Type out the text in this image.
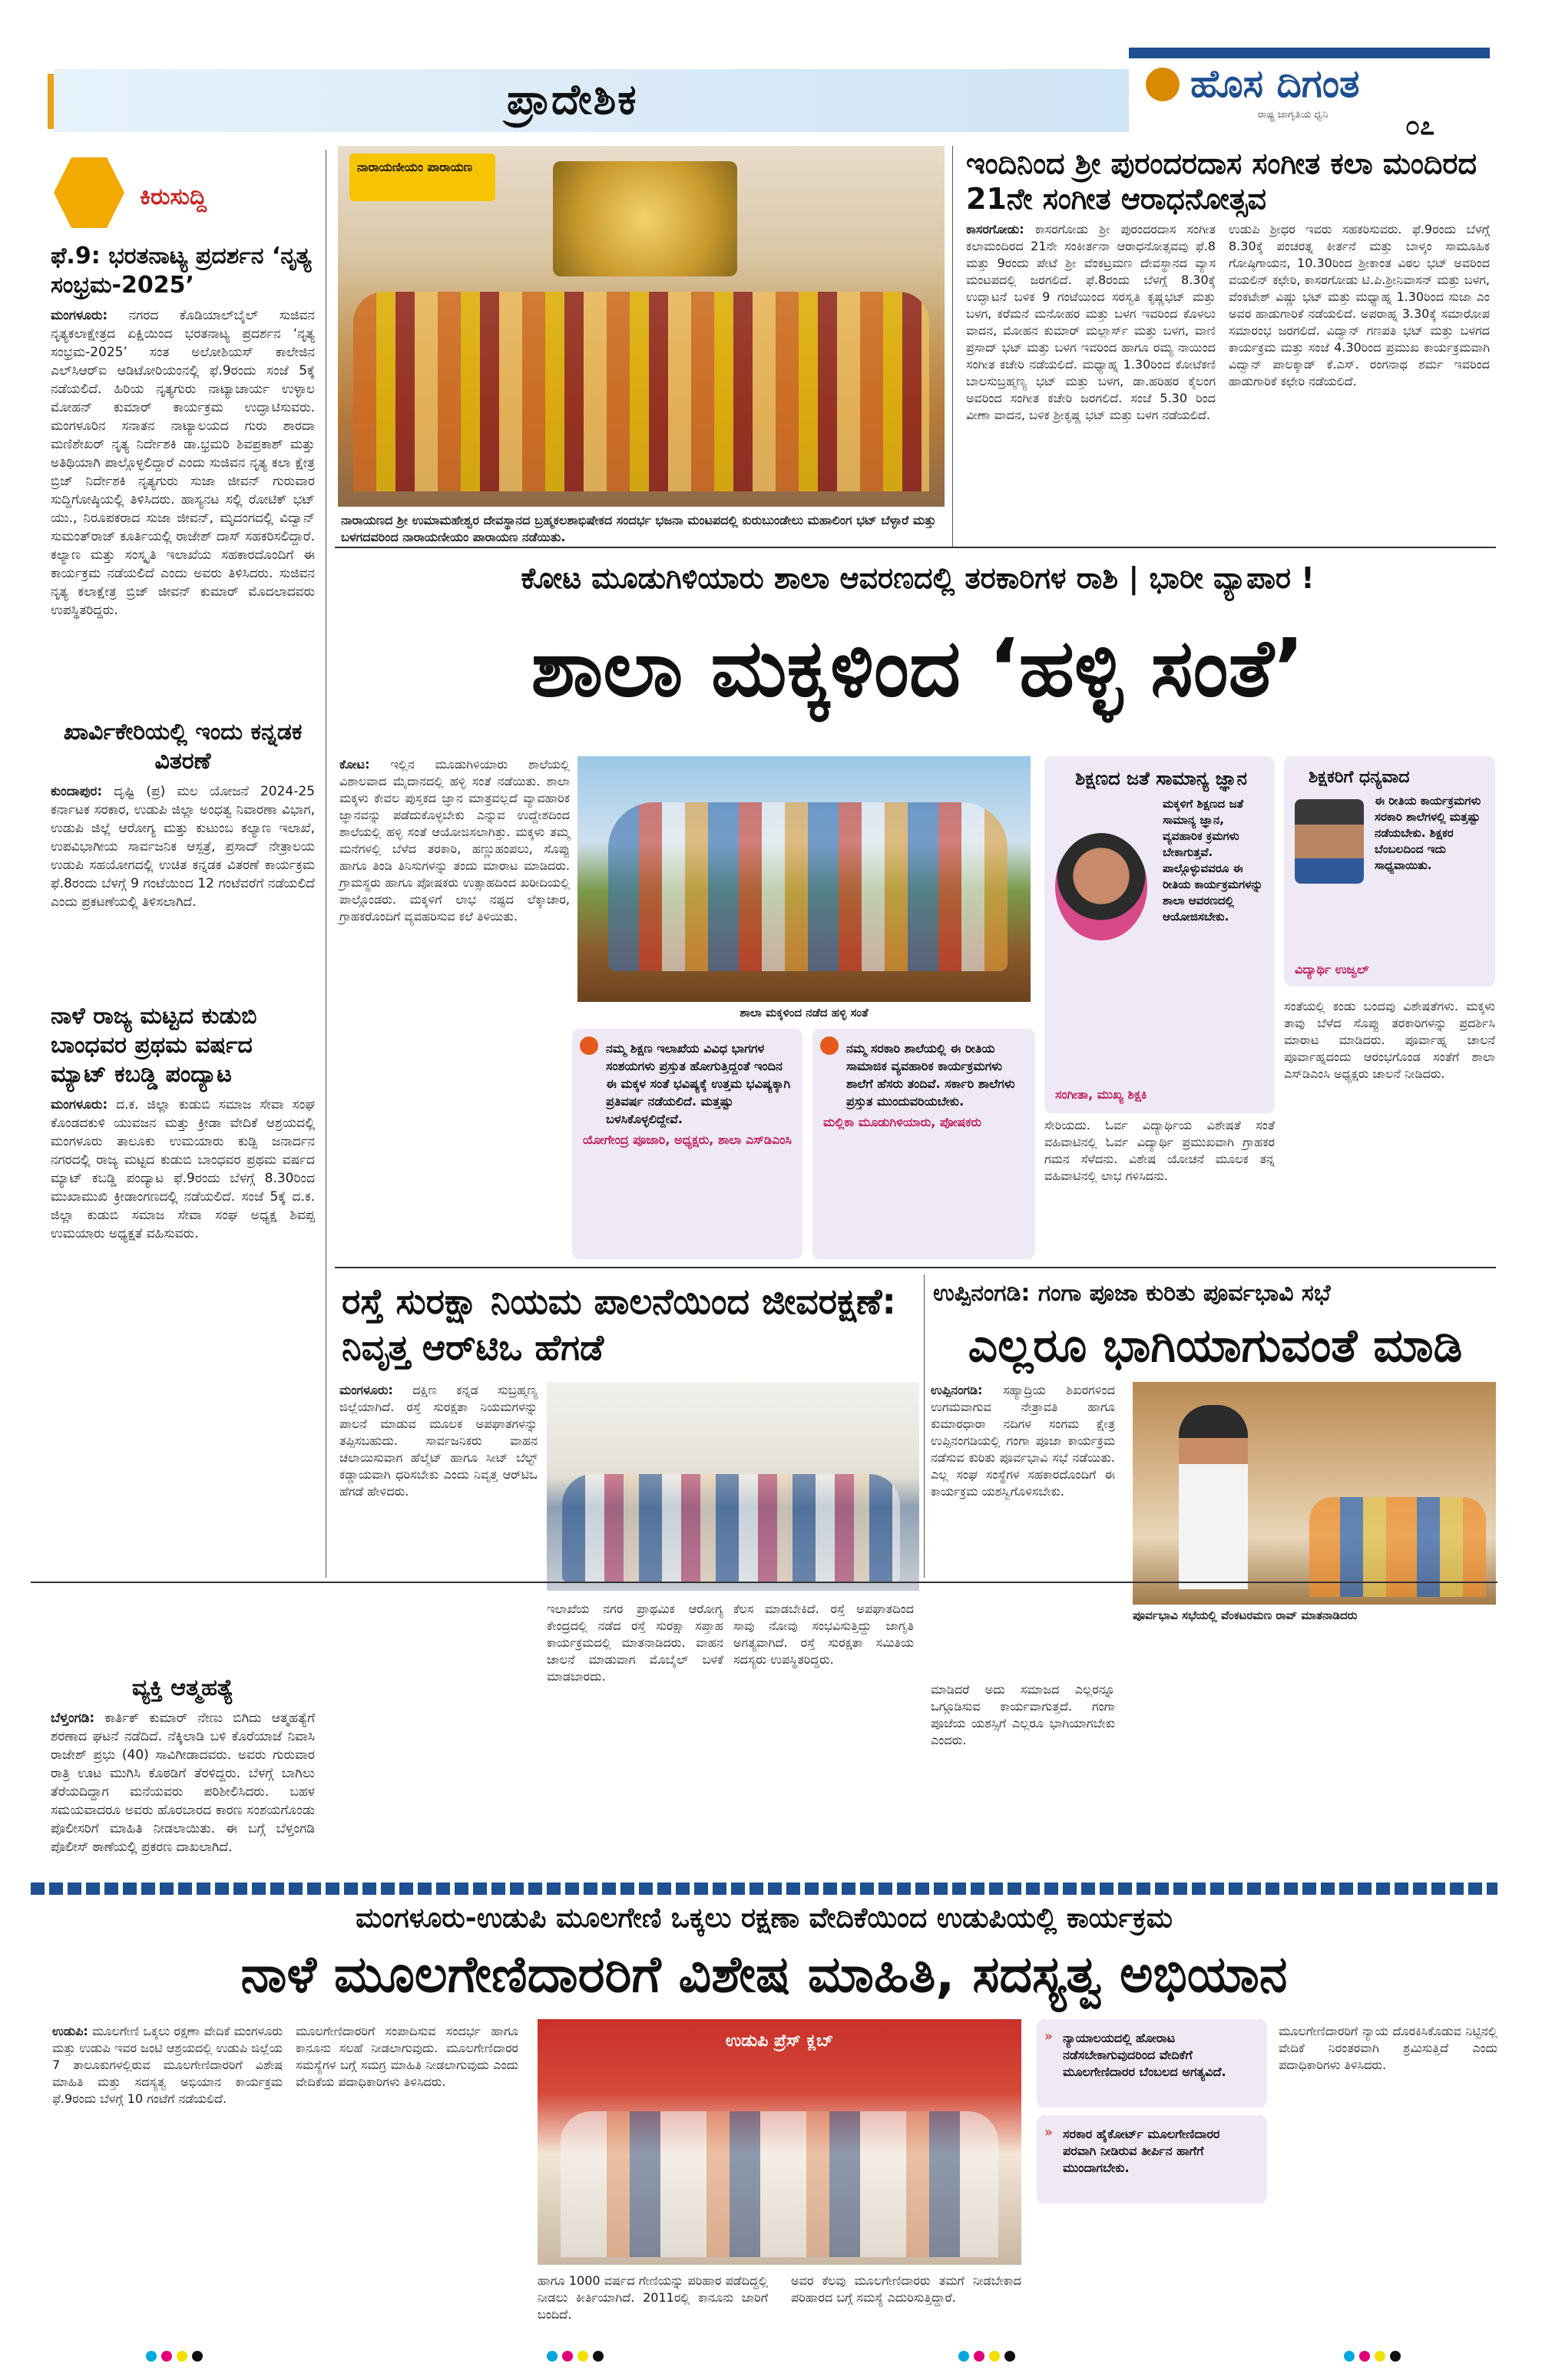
ಪ್ರಾದೇಶಿಕ	ಹೊಸ ದಿಗಂತ
ರಾಷ್ಟ್ರ ಜಾಗೃತಿಯ ಧ್ವನಿ	೦೭
ಕಿರುಸುದ್ದಿ
ಫೆ.9: ಭರತನಾಟ್ಯ ಪ್ರದರ್ಶನ ‘ನೃತ್ಯ ಸಂಭ್ರಮ-2025’
ಮಂಗಳೂರು: ನಗರದ ಕೊಡಿಯಾಲ್‌ಬೈಲ್ ಸುಜಿವನ ನೃತ್ಯಕಲಾಕ್ಷೇತ್ರದ ಏಕ್ಷಿಯಿಂದ ಭರತನಾಟ್ಯ ಪ್ರದರ್ಶನ ‘ನೃತ್ಯ ಸಂಭ್ರಮ-2025’ ಸಂತ ಅಲೋಶಿಯಸ್ ಕಾಲೇಜಿನ ಎಲ್‌ಸಿಆರ್‌ಐ ಆಡಿಟೋರಿಯಂನಲ್ಲಿ ಫೆ.9ರಂದು ಸಂಜೆ 5ಕ್ಕೆ ನಡೆಯಲಿದೆ. ಹಿರಿಯ ನೃತ್ಯಗುರು ನಾಟ್ಯಾಚಾರ್ಯ ಉಳ್ಳಾಲ ಮೋಹನ್ ಕುಮಾರ್ ಕಾರ್ಯಕ್ರಮ ಉದ್ಘಾಟಿಸುವರು. ಮಂಗಳೂರಿನ ಸನಾತನ ನಾಟ್ಯಾಲಯದ ಗುರು ಶಾರದಾ ಮಣಿಶೇಖರ್ ನೃತ್ಯ ನಿರ್ದೇಶಕಿ ಡಾ.ಭ್ರಮರಿ ಶಿವಪ್ರಕಾಶ್ ಮತ್ತು ಅತಿಥಿಯಾಗಿ ಪಾಲ್ಗೊಳ್ಳಲಿದ್ದಾರೆ ಎಂದು ಸುಜಿವನ ನೃತ್ಯ ಕಲಾ ಕ್ಷೇತ್ರ ಬ್ರಿಜ್ ನಿರ್ದೇಶಕಿ ನೃತ್ಯಗುರು ಸುಜಾ ಜೀವನ್ ಗುರುವಾರ ಸುದ್ದಿಗೋಷ್ಠಿಯಲ್ಲಿ ತಿಳಿಸಿದರು. ಹಾಸ್ಯನಟ ಸಲ್ಲಿ ರೋಟಿಕ್ ಭಟ್ ಯು., ನಿರೂಪಕರಾದ ಸುಜಾ ಜೀವನ್, ಮೃದಂಗದಲ್ಲಿ ವಿದ್ವಾನ್ ಸುಮಂತ್‌ರಾಜ್ ಕೂರ್ತಿಯಲ್ಲಿ ರಾಜೇಶ್ ದಾಸ್ ಸಹಕರಿಸಲಿದ್ದಾರೆ. ಕಲ್ಯಾಣ ಮತ್ತು ಸಂಸ್ಕೃತಿ ಇಲಾಖೆಯ ಸಹಕಾರದೊಂದಿಗೆ ಈ ಕಾರ್ಯಕ್ರಮ ನಡೆಯಲಿದೆ ಎಂದು ಅವರು ತಿಳಿಸಿದರು. ಸುಜಿವನ ನೃತ್ಯ ಕಲಾಕ್ಷೇತ್ರ ಬ್ರಿಜ್ ಜೀವನ್ ಕುಮಾರ್ ಮೊದಲಾದವರು ಉಪಸ್ಥಿತರಿದ್ದರು.
ಖಾರ್ವಿಕೇರಿಯಲ್ಲಿ ಇಂದು ಕನ್ನಡಕ ವಿತರಣೆ
ಕುಂದಾಪುರ: ದೃಷ್ಟಿ (ಪ್ರ) ಮಲ ಯೋಜನೆ 2024-25 ಕರ್ನಾಟಕ ಸರಕಾರ, ಉಡುಪಿ ಜಿಲ್ಲಾ ಅಂಧತ್ವ ನಿವಾರಣಾ ವಿಭಾಗ, ಉಡುಪಿ ಜಿಲ್ಲೆ ಆರೋಗ್ಯ ಮತ್ತು ಕುಟುಂಬ ಕಲ್ಯಾಣ ಇಲಾಖೆ, ಉಪವಿಭಾಗೀಯ ಸಾರ್ವಜನಿಕ ಆಸ್ಪತ್ರೆ, ಪ್ರಸಾದ್ ನೇತ್ರಾಲಯ ಉಡುಪಿ ಸಹಯೋಗದಲ್ಲಿ ಉಚಿತ ಕನ್ನಡಕ ವಿತರಣೆ ಕಾರ್ಯಕ್ರಮ ಫೆ.8ರಂದು ಬೆಳಗ್ಗೆ 9 ಗಂಟೆಯಿಂದ 12 ಗಂಟೆವರೆಗೆ ನಡೆಯಲಿದೆ ಎಂದು ಪ್ರಕಟಣೆಯಲ್ಲಿ ತಿಳಿಸಲಾಗಿದೆ.
ನಾಳೆ ರಾಜ್ಯ ಮಟ್ಟದ ಕುಡುಬಿ ಬಾಂಧವರ ಪ್ರಥಮ ವರ್ಷದ ಮ್ಯಾಟ್ ಕಬಡ್ಡಿ ಪಂದ್ಯಾಟ
ಮಂಗಳೂರು: ದ.ಕ. ಜಿಲ್ಲಾ ಕುಡುಬಿ ಸಮಾಜ ಸೇವಾ ಸಂಘ ಕೊಂಡದಕುಳಿ ಯುವಜನ ಮತ್ತು ಕ್ರೀಡಾ ವೇದಿಕೆ ಆಶ್ರಯದಲ್ಲಿ ಮಂಗಳೂರು ತಾಲೂಕು ಉಮಯಾರು ಕುಡ್ಪಿ ಜನಾರ್ದನ ನಗರದಲ್ಲಿ ರಾಜ್ಯ ಮಟ್ಟದ ಕುಡುಬಿ ಬಾಂಧವರ ಪ್ರಥಮ ವರ್ಷದ ಮ್ಯಾಟ್ ಕಬಡ್ಡಿ ಪಂದ್ಯಾಟ ಫೆ.9ರಂದು ಬೆಳಗ್ಗೆ 8.30ರಿಂದ ಮುಖಾಮುಖಿ ಕ್ರೀಡಾಂಗಣದಲ್ಲಿ ನಡೆಯಲಿದೆ. ಸಂಜೆ 5ಕ್ಕೆ ದ.ಕ. ಜಿಲ್ಲಾ ಕುಡುಬಿ ಸಮಾಜ ಸೇವಾ ಸಂಘ ಅಧ್ಯಕ್ಷ ಶಿವಪ್ಪ ಉಮಯಾರು ಅಧ್ಯಕ್ಷತೆ ವಹಿಸುವರು.
ವ್ಯಕ್ತಿ ಆತ್ಮಹತ್ಯೆ
ಬೆಳ್ತಂಗಡಿ: ಕಾರ್ತಿಕ್ ಕುಮಾರ್ ನೇಣು ಬಿಗಿದು ಆತ್ಮಹತ್ಯೆಗೆ ಶರಣಾದ ಘಟನೆ ನಡೆದಿದೆ. ನೆಕ್ಕಿಲಾಡಿ ಬಳಿ ಕೊರೆಯಾಜೆ ನಿವಾಸಿ ರಾಜೇಶ್ ಪ್ರಭು (40) ಸಾವಿಗೀಡಾದವರು. ಅವರು ಗುರುವಾರ ರಾತ್ರಿ ಊಟ ಮುಗಿಸಿ ಕೊಠಡಿಗೆ ತೆರಳಿದ್ದರು. ಬೆಳಗ್ಗೆ ಬಾಗಿಲು ತೆರೆಯದಿದ್ದಾಗ ಮನೆಯವರು ಪರಿಶೀಲಿಸಿದರು. ಬಹಳ ಸಮಯವಾದರೂ ಅವರು ಹೊರಬಾರದ ಕಾರಣ ಸಂಶಯಗೊಂಡು ಪೊಲೀಸರಿಗೆ ಮಾಹಿತಿ ನೀಡಲಾಯಿತು. ಈ ಬಗ್ಗೆ ಬೆಳ್ತಂಗಡಿ ಪೊಲೀಸ್ ಠಾಣೆಯಲ್ಲಿ ಪ್ರಕರಣ ದಾಖಲಾಗಿದೆ.
ನಾರಾಯಣೀಯಂ ಪಾರಾಯಣ
ನಾರಾಯಣದ ಶ್ರೀ ಉಮಾಮಹೇಶ್ವರ ದೇವಸ್ಥಾನದ ಬ್ರಹ್ಮಕಲಶಾಭಿಷೇಕದ ಸಂದರ್ಭ ಭಜನಾ ಮಂಟಪದಲ್ಲಿ ಕುರುಬುಂಡೇಲು ಮಹಾಲಿಂಗ ಭಟ್ ಬೆಳ್ಳಾರೆ ಮತ್ತು ಬಳಗದವರಿಂದ ನಾರಾಯಣೀಯಂ ಪಾರಾಯಣ ನಡೆಯಿತು.
ಇಂದಿನಿಂದ ಶ್ರೀ ಪುರಂದರದಾಸ ಸಂಗೀತ ಕಲಾ ಮಂದಿರದ 21ನೇ ಸಂಗೀತ ಆರಾಧನೋತ್ಸವ
ಕಾಸರಗೋಡು: ಕಾಸರಗೋಡು ಶ್ರೀ ಪುರಂದರದಾಸ ಸಂಗೀತ ಕಲಾಮಂದಿರದ 21ನೇ ಸಂಕೀರ್ತನಾ ಆರಾಧನೋತ್ಸವವು ಫೆ.8 ಮತ್ತು 9ರಂದು ಪೇಟೆ ಶ್ರೀ ವೆಂಕಟ್ರಮಣ ದೇವಸ್ಥಾನದ ವ್ಯಾಸ ಮಂಟಪದಲ್ಲಿ ಜರಗಲಿದೆ. ಫೆ.8ರಂದು ಬೆಳಗ್ಗೆ 8.30ಕ್ಕೆ ಉದ್ಘಾಟನೆ ಬಳಿಕ 9 ಗಂಟೆಯಿಂದ ಸರಸ್ವತಿ ಕೃಷ್ಣಭಟ್ ಮತ್ತು ಬಳಗ, ಕರೆಮನೆ ಮನೋಹರ ಮತ್ತು ಬಳಗ ಇವರಿಂದ ಕೊಳಲು ವಾದನ, ಮೋಹನ ಕುಮಾರ್ ಮಲ್ಲಾರ್ಸ್ ಮತ್ತು ಬಳಗ, ವಾಣಿ ಪ್ರಸಾದ್ ಭಟ್ ಮತ್ತು ಬಳಗ ಇವರಿಂದ ಹಾಗೂ ರಮ್ಯ ನಾಯಿಂದ ಸಂಗೀತ ಕಚೇರಿ ನಡೆಯಲಿದೆ. ಮಧ್ಯಾಹ್ನ 1.30ರಿಂದ ಕೋಟೆಕಣಿ ಬಾಲಸುಬ್ರಹ್ಮಣ್ಯ ಭಟ್ ಮತ್ತು ಬಳಗ, ಡಾ.ಹರಿಹರ ಕೈಲಂಗ ಅವರಿಂದ ಸಂಗೀತ ಕಚೇರಿ ಜರಗಲಿದೆ. ಸಂಜೆ 5.30 ರಿಂದ ವೀಣಾ ವಾದನ, ಬಳಿಕ ಶ್ರೀಕೃಷ್ಣ ಭಟ್ ಮತ್ತು ಬಳಗ ನಡೆಯಲಿದೆ.
ಉಡುಪಿ ಶ್ರೀಧರ ಇವರು ಸಹಕರಿಸುವರು. ಫೆ.9ರಂದು ಬೆಳಗ್ಗೆ 8.30ಕ್ಕೆ ಪಂಚರತ್ನ ಕೀರ್ತನೆ ಮತ್ತು ಬಾಳ್ಕಂ ಸಾಮೂಹಿಕ ಗೋಷ್ಠಿಗಾಯನ, 10.30ರಿಂದ ಶ್ರೀಕಾಂತ ವಿಠಲ ಭಟ್ ಅವರಿಂದ ವಯಲಿನ್ ಕಛೇರಿ, ಕಾಸರಗೋಡು ಟಿ.ಪಿ.ಶ್ರೀನಿವಾಸನ್ ಮತ್ತು ಬಳಗ, ವೆಂಕಟೇಶ್ ವಿಷ್ಣು ಭಟ್ ಮತ್ತು ಮಧ್ಯಾಹ್ನ 1.30ರಿಂದ ಸುಜಾ ಎಂ ಅವರ ಹಾಡುಗಾರಿಕೆ ನಡೆಯಲಿದೆ. ಅಪರಾಹ್ನ 3.30ಕ್ಕೆ ಸಮಾರೋಪ ಸಮಾರಂಭ ಜರಗಲಿದೆ. ವಿದ್ವಾನ್ ಗಣಪತಿ ಭಟ್ ಮತ್ತು ಬಳಗದ ಕಾರ್ಯಕ್ರಮ ಮತ್ತು ಸಂಜೆ 4.30ರಿಂದ ಪ್ರಮುಖ ಕಾರ್ಯಕ್ರಮವಾಗಿ ವಿದ್ವಾನ್ ಪಾಲಕ್ಕಾಡ್ ಕೆ.ಎಸ್. ರಂಗನಾಥ ಶರ್ಮ ಇವರಿಂದ ಹಾಡುಗಾರಿಕೆ ಕಛೇರಿ ನಡೆಯಲಿದೆ.
ಕೋಟ ಮೂಡುಗಿಳಿಯಾರು ಶಾಲಾ ಆವರಣದಲ್ಲಿ ತರಕಾರಿಗಳ ರಾಶಿ | ಭಾರೀ ವ್ಯಾಪಾರ !
ಶಾಲಾ ಮಕ್ಕಳಿಂದ ‘ಹಳ್ಳಿ ಸಂತೆ’
ಕೋಟ: ಇಲ್ಲಿನ ಮೂಡುಗಿಳಿಯಾರು ಶಾಲೆಯಲ್ಲಿ ವಿಶಾಲವಾದ ಮೈದಾನದಲ್ಲಿ ಹಳ್ಳಿ ಸಂತೆ ನಡೆಯಿತು. ಶಾಲಾ ಮಕ್ಕಳು ಕೇವಲ ಪುಸ್ತಕದ ಜ್ಞಾನ ಮಾತ್ರವಲ್ಲದೆ ವ್ಯಾವಹಾರಿಕ ಜ್ಞಾನವನ್ನು ಪಡೆದುಕೊಳ್ಳಬೇಕು ಎನ್ನುವ ಉದ್ದೇಶದಿಂದ ಶಾಲೆಯಲ್ಲಿ ಹಳ್ಳಿ ಸಂತೆ ಆಯೋಜಿಸಲಾಗಿತ್ತು. ಮಕ್ಕಳು ತಮ್ಮ ಮನೆಗಳಲ್ಲಿ ಬೆಳೆದ ತರಕಾರಿ, ಹಣ್ಣುಹಂಪಲು, ಸೊಪ್ಪು ಹಾಗೂ ತಿಂಡಿ ತಿನಿಸುಗಳನ್ನು ತಂದು ಮಾರಾಟ ಮಾಡಿದರು. ಗ್ರಾಮಸ್ಥರು ಹಾಗೂ ಪೋಷಕರು ಉತ್ಸಾಹದಿಂದ ಖರೀದಿಯಲ್ಲಿ ಪಾಲ್ಗೊಂಡರು. ಮಕ್ಕಳಿಗೆ ಲಾಭ ನಷ್ಟದ ಲೆಕ್ಕಾಚಾರ, ಗ್ರಾಹಕರೊಂದಿಗೆ ವ್ಯವಹರಿಸುವ ಕಲೆ ತಿಳಿಯಿತು.
ಶಾಲಾ ಮಕ್ಕಳಿಂದ ನಡೆದ ಹಳ್ಳಿ ಸಂತೆ
ನಮ್ಮ ಶಿಕ್ಷಣ ಇಲಾಖೆಯ ವಿವಿಧ ಭಾಗಗಳ ಸಂಶಯಗಳು ಪ್ರಸ್ತುತ ಹೋಗುತ್ತಿದ್ದಂತೆ ಇಂದಿನ ಈ ಮಕ್ಕಳ ಸಂತೆ ಭವಿಷ್ಯಕ್ಕೆ ಉತ್ತಮ ಭವಿಷ್ಯಕ್ಕಾಗಿ ಪ್ರತಿವರ್ಷ ನಡೆಯಲಿದೆ. ಮತ್ತಷ್ಟು ಬಳಸಿಕೊಳ್ಳಲಿದ್ದೇವೆ.
ಯೋಗೇಂದ್ರ ಪೂಜಾರಿ, ಅಧ್ಯಕ್ಷರು, ಶಾಲಾ ಎಸ್‌ಡಿಎಂಸಿ
ನಮ್ಮ ಸರಕಾರಿ ಶಾಲೆಯಲ್ಲಿ ಈ ರೀತಿಯ ಸಾಮಾಜಿಕ ವ್ಯವಹಾರಿಕ ಕಾರ್ಯಕ್ರಮಗಳು ಶಾಲೆಗೆ ಹೆಸರು ತಂದಿವೆ. ಸರ್ಕಾರಿ ಶಾಲೆಗಳು ಪ್ರಸ್ತುತ ಮುಂದುವರಿಯಬೇಕು.
ಮಲ್ಲಿಕಾ ಮೂಡುಗಿಳಿಯಾರು, ಪೋಷಕರು
ಶಿಕ್ಷಣದ ಜತೆ ಸಾಮಾನ್ಯ ಜ್ಞಾನ
ಮಕ್ಕಳಿಗೆ ಶಿಕ್ಷಣದ ಜತೆ ಸಾಮಾನ್ಯ ಜ್ಞಾನ, ವ್ಯವಹಾರಿಕ ಕ್ರಮಗಳು ಬೇಕಾಗುತ್ತವೆ. ಪಾಲ್ಗೊಳ್ಳುವವರೂ ಈ ರೀತಿಯ ಕಾರ್ಯಕ್ರಮಗಳನ್ನು ಶಾಲಾ ಆವರಣದಲ್ಲಿ ಆಯೋಜಿಸಬೇಕು.
ಸಂಗೀತಾ, ಮುಖ್ಯ ಶಿಕ್ಷಕಿ
ಶಿಕ್ಷಕರಿಗೆ ಧನ್ಯವಾದ
ಈ ರೀತಿಯ ಕಾರ್ಯಕ್ರಮಗಳು ಸರಕಾರಿ ಶಾಲೆಗಳಲ್ಲಿ ಮತ್ತಷ್ಟು ನಡೆಯಬೇಕು. ಶಿಕ್ಷಕರ ಬೆಂಬಲದಿಂದ ಇದು ಸಾಧ್ಯವಾಯಿತು.
ವಿದ್ಯಾರ್ಥಿ ಉಜ್ವಲ್
ಸೇರಿಯದು. ಓರ್ವ ವಿದ್ಯಾರ್ಥಿಯ ವಿಶೇಷತೆ ಸಂತೆ ವಹಿವಾಟಿನಲ್ಲಿ ಓರ್ವ ವಿದ್ಯಾರ್ಥಿ ಪ್ರಮುಖವಾಗಿ ಗ್ರಾಹಕರ ಗಮನ ಸೆಳೆದನು. ವಿಶೇಷ ಯೋಚನೆ ಮೂಲಕ ತನ್ನ ವಹಿವಾಟಿನಲ್ಲಿ ಲಾಭ ಗಳಿಸಿದನು.
ಸಂತೆಯಲ್ಲಿ ಕಂಡು ಬಂದವು ವಿಶೇಷತೆಗಳು. ಮಕ್ಕಳು ತಾವು ಬೆಳೆದ ಸೊಪ್ಪು ತರಕಾರಿಗಳನ್ನು ಪ್ರದರ್ಶಿಸಿ ಮಾರಾಟ ಮಾಡಿದರು. ಪೂರ್ವಾಹ್ನ ಚಾಲನೆ ಪೂರ್ವಾಹ್ನದಂದು ಆರಂಭಗೊಂಡ ಸಂತೆಗೆ ಶಾಲಾ ಎಸ್‌ಡಿಎಂಸಿ ಅಧ್ಯಕ್ಷರು ಚಾಲನೆ ನೀಡಿದರು.
ರಸ್ತೆ ಸುರಕ್ಷಾ ನಿಯಮ ಪಾಲನೆಯಿಂದ ಜೀವರಕ್ಷಣೆ: ನಿವೃತ್ತ ಆರ್‌ಟಿಒ ಹೆಗಡೆ
ಮಂಗಳೂರು: ದಕ್ಷಿಣ ಕನ್ನಡ ಸುಬ್ರಹ್ಮಣ್ಯ ಜಿಲ್ಲೆಯಾಗಿದೆ. ರಸ್ತೆ ಸುರಕ್ಷತಾ ನಿಯಮಗಳನ್ನು ಪಾಲನೆ ಮಾಡುವ ಮೂಲಕ ಅಪಘಾತಗಳನ್ನು ತಪ್ಪಿಸಬಹುದು. ಸಾರ್ವಜನಿಕರು ವಾಹನ ಚಲಾಯಿಸುವಾಗ ಹೆಲ್ಮೆಟ್ ಹಾಗೂ ಸೀಟ್ ಬೆಲ್ಟ್ ಕಡ್ಡಾಯವಾಗಿ ಧರಿಸಬೇಕು ಎಂದು ನಿವೃತ್ತ ಆರ್‌ಟಿಒ ಹೆಗಡೆ ಹೇಳಿದರು.
ಇಲಾಖೆಯ ನಗರ ಪ್ರಾಥಮಿಕ ಆರೋಗ್ಯ ಕೇಂದ್ರದಲ್ಲಿ ನಡೆದ ರಸ್ತೆ ಸುರಕ್ಷಾ ಸಪ್ತಾಹ ಕಾರ್ಯಕ್ರಮದಲ್ಲಿ ಮಾತನಾಡಿದರು. ವಾಹನ ಚಾಲನೆ ಮಾಡುವಾಗ ಮೊಬೈಲ್ ಬಳಕೆ ಮಾಡಬಾರದು.
ಕೆಲಸ ಮಾಡಬೇಕಿದೆ. ರಸ್ತೆ ಅಪಘಾತದಿಂದ ಸಾವು ನೋವು ಸಂಭವಿಸುತ್ತಿದ್ದು ಜಾಗೃತಿ ಅಗತ್ಯವಾಗಿದೆ. ರಸ್ತೆ ಸುರಕ್ಷತಾ ಸಮಿತಿಯ ಸದಸ್ಯರು ಉಪಸ್ಥಿತರಿದ್ದರು.
ಉಪ್ಪಿನಂಗಡಿ: ಗಂಗಾ ಪೂಜಾ ಕುರಿತು ಪೂರ್ವಭಾವಿ ಸಭೆ
ಎಲ್ಲರೂ ಭಾಗಿಯಾಗುವಂತೆ ಮಾಡಿ
ಉಪ್ಪಿನಂಗಡಿ: ಸಹ್ಯಾದ್ರಿಯ ಶಿಖರಗಳಿಂದ ಉಗಮವಾಗುವ ನೇತ್ರಾವತಿ ಹಾಗೂ ಕುಮಾರಧಾರಾ ನದಿಗಳ ಸಂಗಮ ಕ್ಷೇತ್ರ ಉಪ್ಪಿನಂಗಡಿಯಲ್ಲಿ ಗಂಗಾ ಪೂಜಾ ಕಾರ್ಯಕ್ರಮ ನಡೆಸುವ ಕುರಿತು ಪೂರ್ವಭಾವಿ ಸಭೆ ನಡೆಯಿತು. ಎಲ್ಲ ಸಂಘ ಸಂಸ್ಥೆಗಳ ಸಹಕಾರದೊಂದಿಗೆ ಈ ಕಾರ್ಯಕ್ರಮ ಯಶಸ್ವಿಗೊಳಿಸಬೇಕು.
ಪೂರ್ವಭಾವಿ ಸಭೆಯಲ್ಲಿ ವೆಂಕಟರಮಣ ರಾವ್ ಮಾತನಾಡಿದರು
ಮಾಡಿದರೆ ಅದು ಸಮಾಜದ ಎಲ್ಲರನ್ನೂ ಒಗ್ಗೂಡಿಸುವ ಕಾರ್ಯವಾಗುತ್ತದೆ. ಗಂಗಾ ಪೂಜೆಯ ಯಶಸ್ಸಿಗೆ ಎಲ್ಲರೂ ಭಾಗಿಯಾಗಬೇಕು ಎಂದರು.
ಮಂಗಳೂರು-ಉಡುಪಿ ಮೂಲಗೇಣಿ ಒಕ್ಕಲು ರಕ್ಷಣಾ ವೇದಿಕೆಯಿಂದ ಉಡುಪಿಯಲ್ಲಿ ಕಾರ್ಯಕ್ರಮ
ನಾಳೆ ಮೂಲಗೇಣಿದಾರರಿಗೆ ವಿಶೇಷ ಮಾಹಿತಿ, ಸದಸ್ಯತ್ವ ಅಭಿಯಾನ
ಉಡುಪಿ: ಮೂಲಗೇಣಿ ಒಕ್ಕಲು ರಕ್ಷಣಾ ವೇದಿಕೆ ಮಂಗಳೂರು ಮತ್ತು ಉಡುಪಿ ಇವರ ಜಂಟಿ ಆಶ್ರಯದಲ್ಲಿ ಉಡುಪಿ ಜಿಲ್ಲೆಯ 7 ತಾಲೂಕುಗಳಲ್ಲಿರುವ ಮೂಲಗೇಣಿದಾರರಿಗೆ ವಿಶೇಷ ಮಾಹಿತಿ ಮತ್ತು ಸದಸ್ಯತ್ವ ಅಭಿಯಾನ ಕಾರ್ಯಕ್ರಮ ಫೆ.9ರಂದು ಬೆಳಗ್ಗೆ 10 ಗಂಟೆಗೆ ನಡೆಯಲಿದೆ.
ಮೂಲಗೇಣಿದಾರರಿಗೆ ಸಂಪಾದಿಸುವ ಸಂದರ್ಭ ಹಾಗೂ ಕಾನೂನು ಸಲಹೆ ನೀಡಲಾಗುವುದು. ಮೂಲಗೇಣಿದಾರರ ಸಮಸ್ಯೆಗಳ ಬಗ್ಗೆ ಸಮಗ್ರ ಮಾಹಿತಿ ನೀಡಲಾಗುವುದು ಎಂದು ವೇದಿಕೆಯ ಪದಾಧಿಕಾರಿಗಳು ತಿಳಿಸಿದರು.
ಉಡುಪಿ ಪ್ರೆಸ್ ಕ್ಲಬ್
ಹಾಗೂ 1000 ವರ್ಷದ ಗೇಣಿಯನ್ನು ಪರಿಹಾರ ಪಡೆದಿದ್ದಲ್ಲಿ ನೀಡಲು ಕೀರ್ತಿಯಾಗಿದೆ. 2011ರಲ್ಲಿ ಕಾನೂನು ಜಾರಿಗೆ ಬಂದಿದೆ.
ಅವರ ಕೆಲವು ಮೂಲಗೇಣಿದಾರರು ತಮಗೆ ನೀಡಬೇಕಾದ ಪರಿಹಾರದ ಬಗ್ಗೆ ಸಮಸ್ಯೆ ಎದುರಿಸುತ್ತಿದ್ದಾರೆ.
» ನ್ಯಾಯಾಲಯದಲ್ಲಿ ಹೋರಾಟ ನಡೆಸಬೇಕಾಗುವುದರಿಂದ ವೇದಿಕೆಗೆ ಮೂಲಗೇಣಿದಾರರ ಬೆಂಬಲದ ಅಗತ್ಯವಿದೆ.
» ಸರಕಾರ ಹೈಕೋರ್ಟ್ ಮೂಲಗೇಣಿದಾರರ ಪರವಾಗಿ ನೀಡಿರುವ ತೀರ್ಪಿನ ಹಾಗೆಗೆ ಮುಂದಾಗಬೇಕು.
ಮೂಲಗೇಣಿದಾರರಿಗೆ ನ್ಯಾಯ ದೊರಕಿಸಿಕೊಡುವ ನಿಟ್ಟಿನಲ್ಲಿ ವೇದಿಕೆ ನಿರಂತರವಾಗಿ ಶ್ರಮಿಸುತ್ತಿದೆ ಎಂದು ಪದಾಧಿಕಾರಿಗಳು ತಿಳಿಸಿದರು.
